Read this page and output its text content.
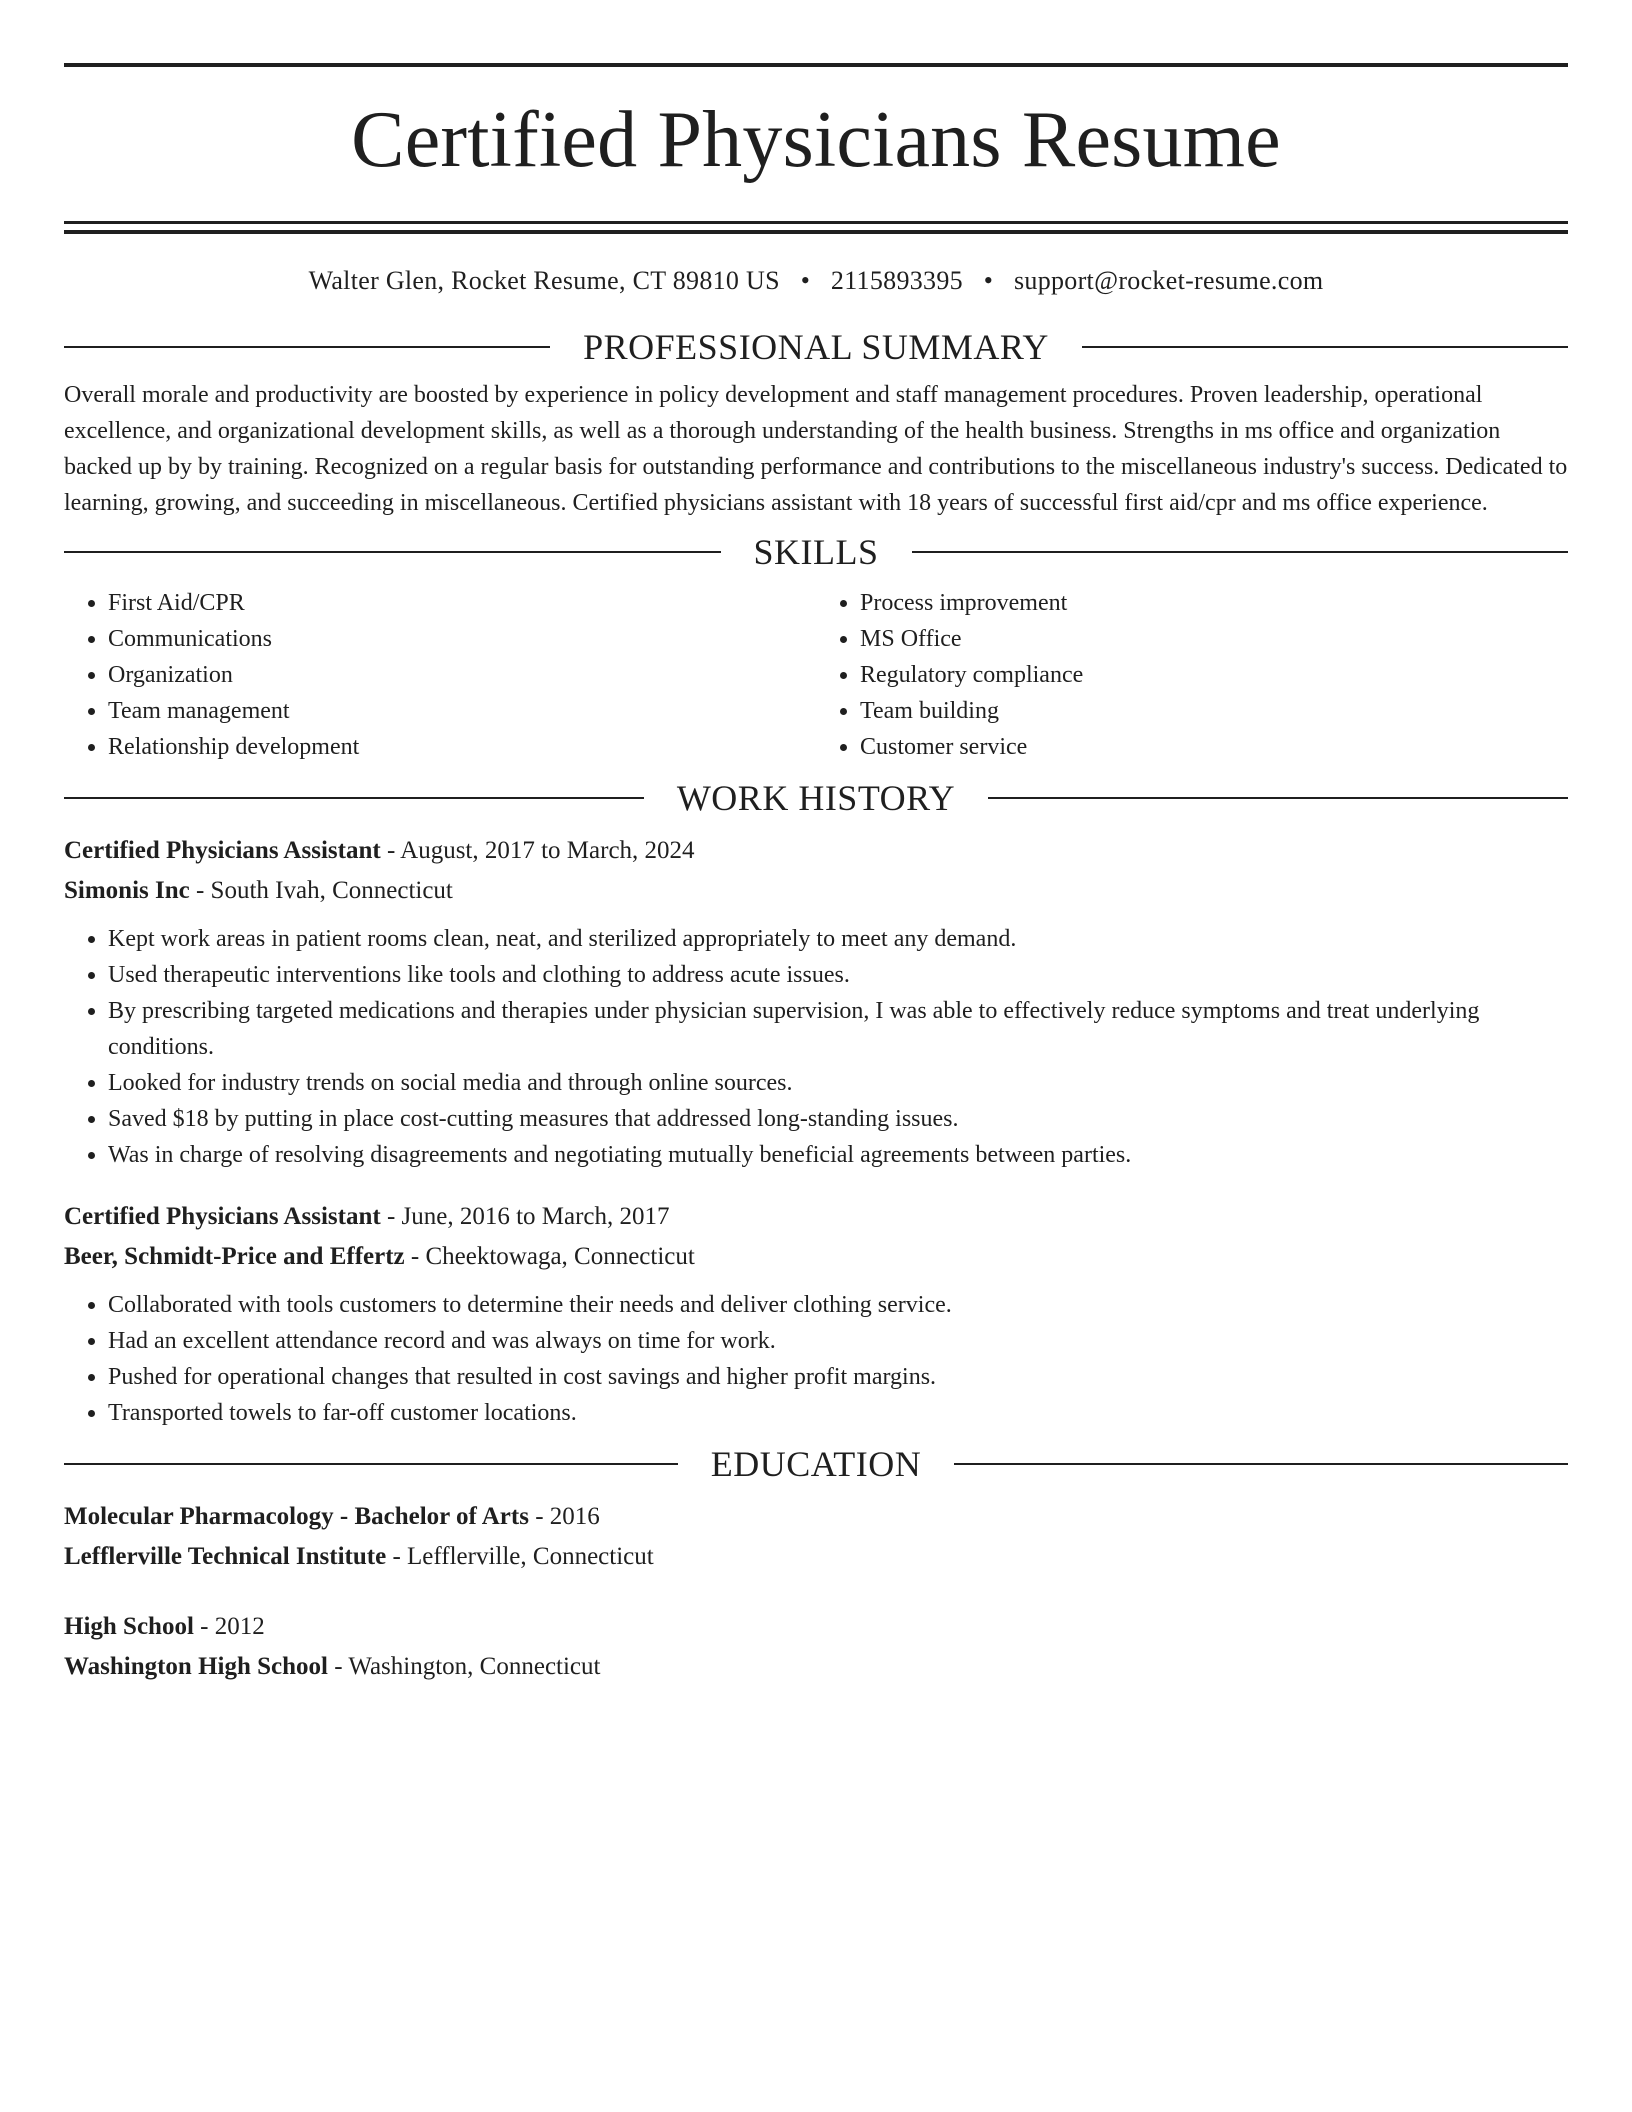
Certified Physicians Resume
Walter Glen, Rocket Resume, CT 89810 US • 2115893395 • support@rocket-resume.com
PROFESSIONAL SUMMARY
Overall morale and productivity are boosted by experience in policy development and staff management procedures. Proven leadership, operational excellence, and organizational development skills, as well as a thorough understanding of the health business. Strengths in ms office and organization backed up by by training. Recognized on a regular basis for outstanding performance and contributions to the miscellaneous industry's success. Dedicated to learning, growing, and succeeding in miscellaneous. Certified physicians assistant with 18 years of successful first aid/cpr and ms office experience.
SKILLS
• First Aid/CPR
• Communications
• Organization
• Team management
• Relationship development
• Process improvement
• MS Office
• Regulatory compliance
• Team building
• Customer service
WORK HISTORY
Certified Physicians Assistant - August, 2017 to March, 2024
Simonis Inc - South Ivah, Connecticut
• Kept work areas in patient rooms clean, neat, and sterilized appropriately to meet any demand.
• Used therapeutic interventions like tools and clothing to address acute issues.
• By prescribing targeted medications and therapies under physician supervision, I was able to effectively reduce symptoms and treat underlying conditions.
• Looked for industry trends on social media and through online sources.
• Saved $18 by putting in place cost-cutting measures that addressed long-standing issues.
• Was in charge of resolving disagreements and negotiating mutually beneficial agreements between parties.
Certified Physicians Assistant - June, 2016 to March, 2017
Beer, Schmidt-Price and Effertz - Cheektowaga, Connecticut
• Collaborated with tools customers to determine their needs and deliver clothing service.
• Had an excellent attendance record and was always on time for work.
• Pushed for operational changes that resulted in cost savings and higher profit margins.
• Transported towels to far-off customer locations.
EDUCATION
Molecular Pharmacology - Bachelor of Arts - 2016
Lefflerville Technical Institute - Lefflerville, Connecticut
High School - 2012
Washington High School - Washington, Connecticut
